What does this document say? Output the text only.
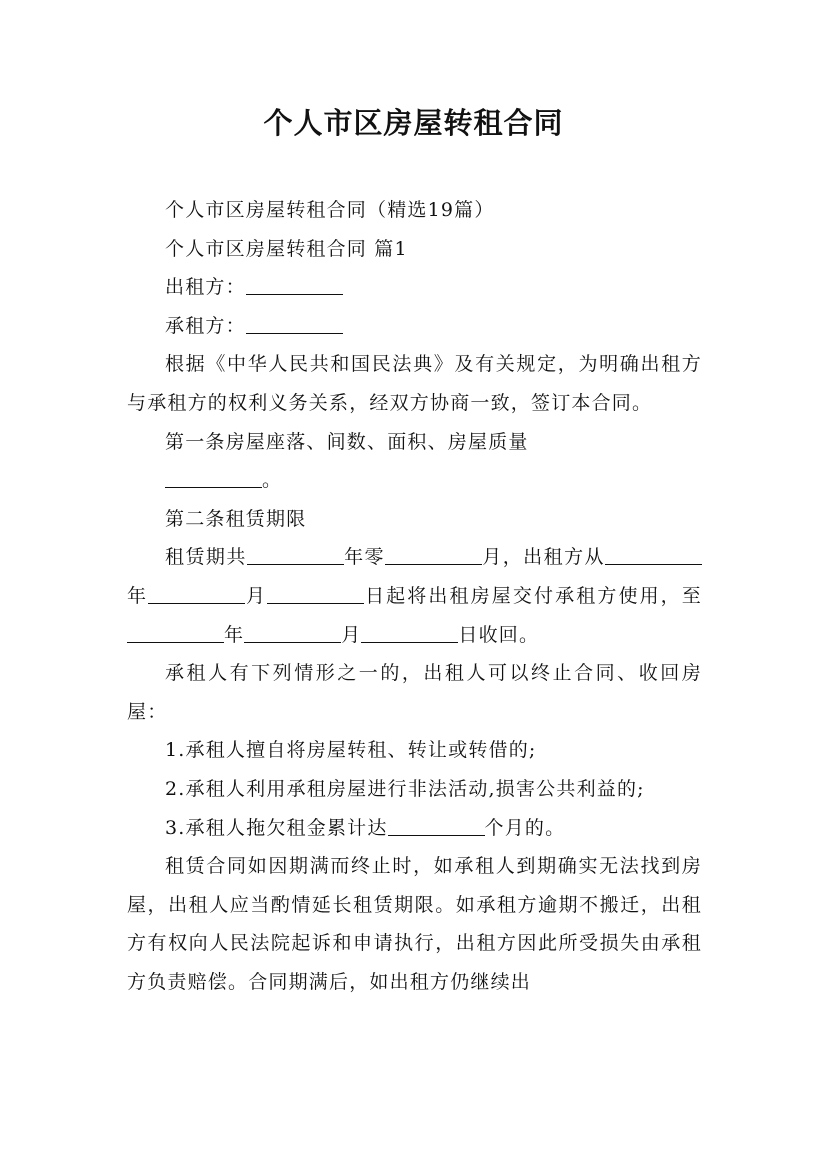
个人市区房屋转租合同

个人市区房屋转租合同（精选19篇）

个人市区房屋转租合同 篇1

出租方：

承租方：

根据《中华人民共和国民法典》及有关规定，为明确出租方与承租方的权利义务关系，经双方协商一致，签订本合同。

第一条房屋座落、间数、面积、房屋质量

。

第二条租赁期限

租赁期共	年零	月，出租方从年	月	日起将出租房屋交付承租方使用，至年	月	日收回。

承租人有下列情形之一的，出租人可以终止合同、收回房屋：

1.承租人擅自将房屋转租、转让或转借的;

2.承租人利用承租房屋进行非法活动,损害公共利益的;

3.承租人拖欠租金累计达	个月的。

租赁合同如因期满而终止时，如承租人到期确实无法找到房屋，出租人应当酌情延长租赁期限。如承租方逾期不搬迁，出租方有权向人民法院起诉和申请执行，出租方因此所受损失由承租方负责赔偿。合同期满后，如出租方仍继续出
